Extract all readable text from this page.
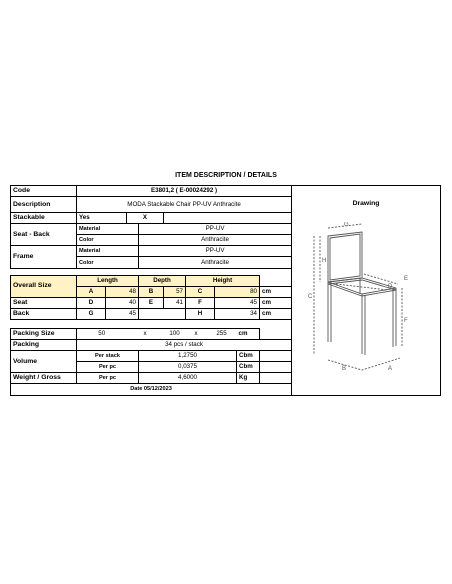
ITEM DESCRIPTION / DETAILS
Code	E3801,2 ( E-00024292 )									
Description	MODA Stackable Chair PP-UV Anthracite									
Stackable	Yes		X							
Seat - Back	Material			PP-UV						
	Color			Anthracite						
Frame	Material			PP-UV						
	Color			Anthracite						

Overall Size	Length			Depth		Height				
	A	48		B	57	C		80		cm
Seat	D	40		E	41	F		45		cm
Back	G	45				H		34		cm

Packing Size	50		x		100	x	255		cm	
Packing	34 pcs / stack									
Volume	Per stack			1,2750					Cbm	
	Per pc			0,0375					Cbm	
Weight / Gross	Per pc			4,6000					Kg	
Date 05/12/2023										
Drawing
G
H
C
D
E
F
B	A
